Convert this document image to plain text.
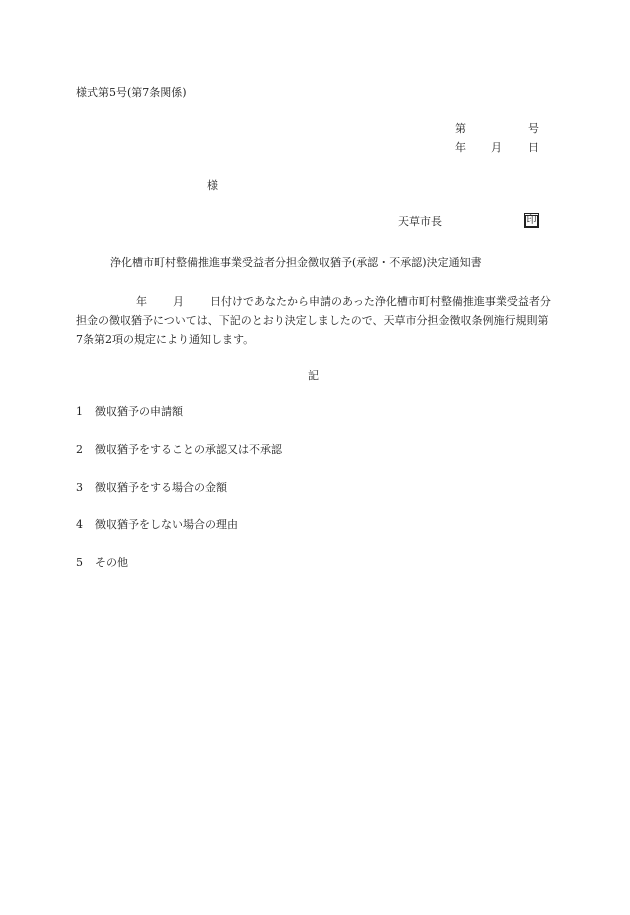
様式第5号(第7条関係)
第	号
年 月 日
様
天草市長	印
浄化槽市町村整備推進事業受益者分担金徴収猶予(承認・不承認)決定通知書
年 月 日付けであなたから申請のあった浄化槽市町村整備推進事業受益者分担金の徴収猶予については、下記のとおり決定しましたので、天草市分担金徴収条例施行規則第7条第2項の規定により通知します。
記
1 徴収猶予の申請額
2 徴収猶予をすることの承認又は不承認
3 徴収猶予をする場合の金額
4 徴収猶予をしない場合の理由
5 その他
